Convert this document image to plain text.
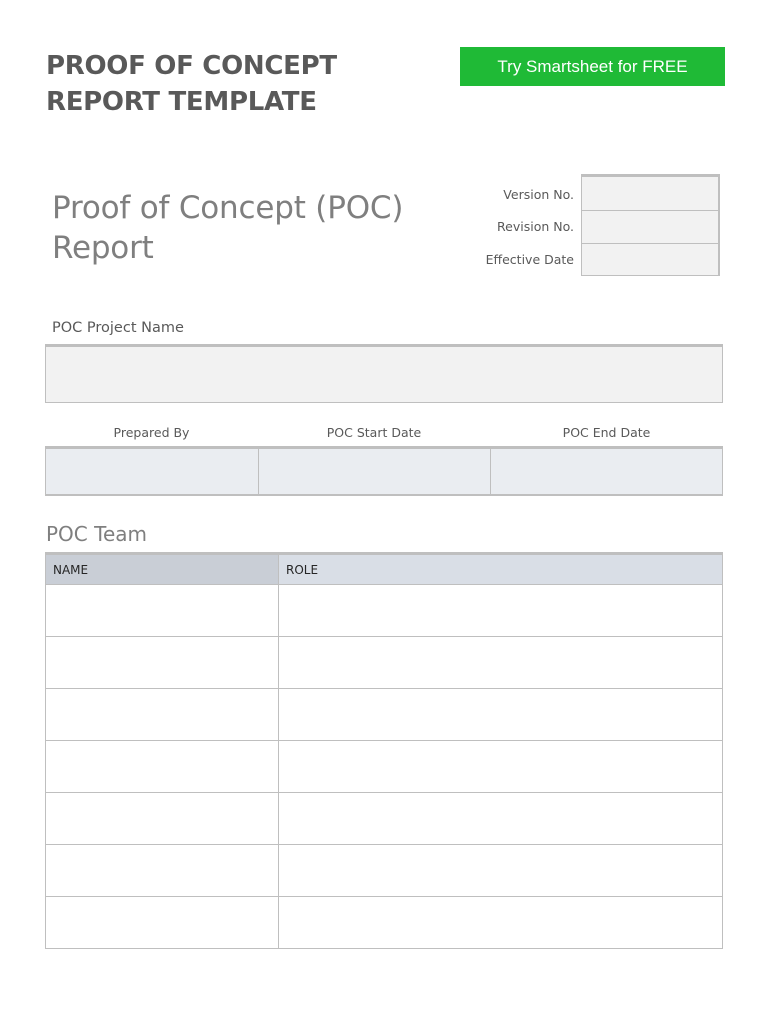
PROOF OF CONCEPT REPORT TEMPLATE
Try Smartsheet for FREE
Proof of Concept (POC) Report
Version No.
Revision No.
Effective Date
POC Project Name
Prepared By	POC Start Date	POC End Date
POC Team
NAME	ROLE
